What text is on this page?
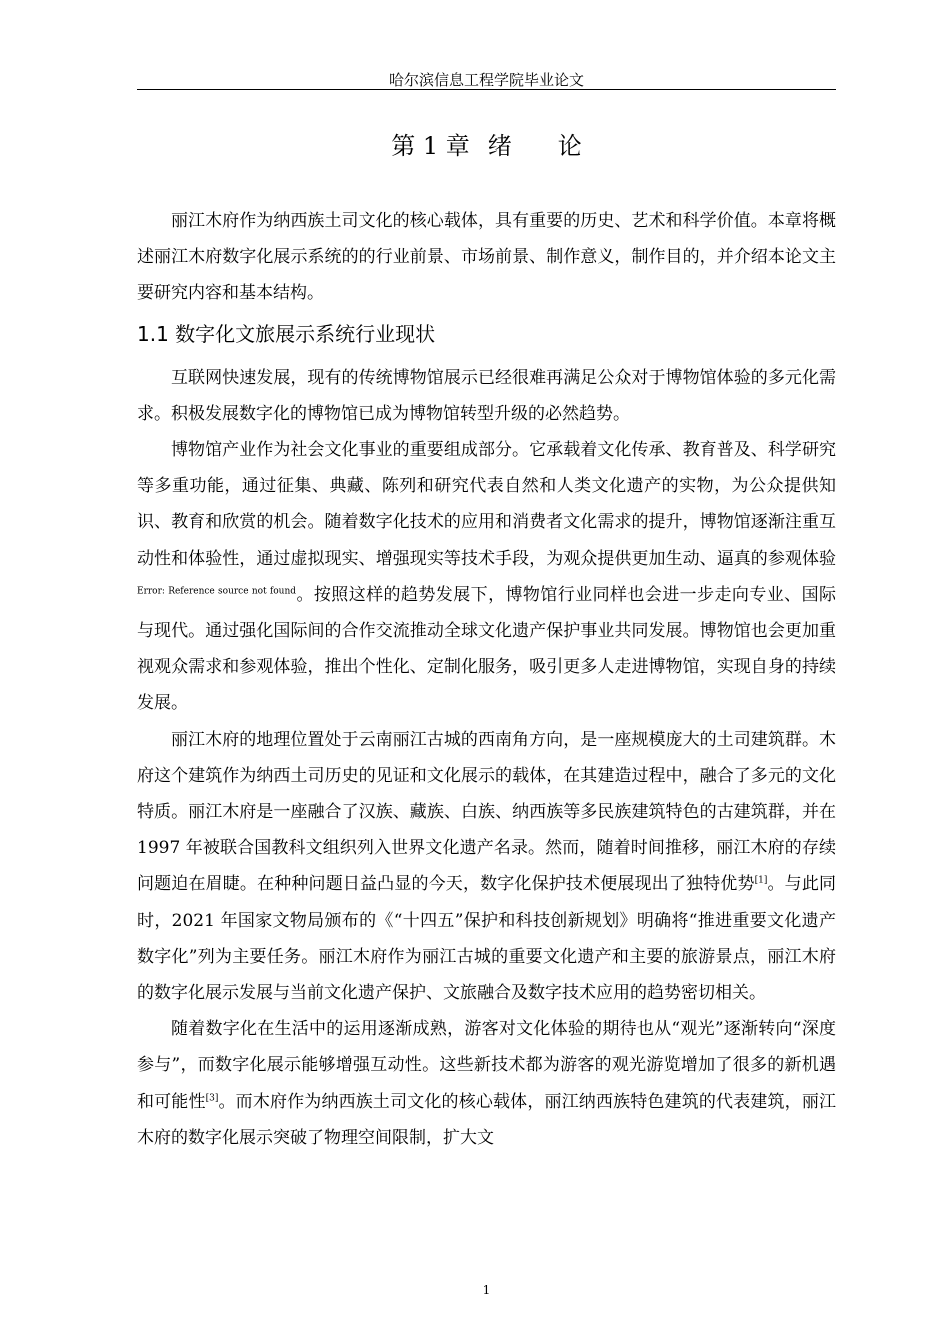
哈尔滨信息工程学院毕业论文
第 1 章 绪 论

丽江木府作为纳西族土司文化的核心载体，具有重要的历史、艺术和科学价值。本章将概述丽江木府数字化展示系统的的行业前景、市场前景、制作意义，制作目的，并介绍本论文主要研究内容和基本结构。

1.1 数字化文旅展示系统行业现状

互联网快速发展，现有的传统博物馆展示已经很难再满足公众对于博物馆体验的多元化需求。积极发展数字化的博物馆已成为博物馆转型升级的必然趋势。

博物馆产业作为社会文化事业的重要组成部分。它承载着文化传承、教育普及、科学研究等多重功能，通过征集、典藏、陈列和研究代表自然和人类文化遗产的实物，为公众提供知识、教育和欣赏的机会。随着数字化技术的应用和消费者文化需求的提升，博物馆逐渐注重互动性和体验性，通过虚拟现实、增强现实等技术手段，为观众提供更加生动、逼真的参观体验$^{Error: Reference source not found}$。按照这样的趋势发展下，博物馆行业同样也会进一步走向专业、国际与现代。通过强化国际间的合作交流推动全球文化遗产保护事业共同发展。博物馆也会更加重视观众需求和参观体验，推出个性化、定制化服务，吸引更多人走进博物馆，实现自身的持续发展。

丽江木府的地理位置处于云南丽江古城的西南角方向，是一座规模庞大的土司建筑群。木府这个建筑作为纳西土司历史的见证和文化展示的载体，在其建造过程中，融合了多元的文化特质。丽江木府是一座融合了汉族、藏族、白族、纳西族等多民族建筑特色的古建筑群，并在 1997 年被联合国教科文组织列入世界文化遗产名录。然而，随着时间推移，丽江木府的存续问题迫在眉睫。在种种问题日益凸显的今天，数字化保护技术便展现出了独特优势[1]。与此同时，2021 年国家文物局颁布的《“十四五”保护和科技创新规划》明确将“推进重要文化遗产数字化”列为主要任务。丽江木府作为丽江古城的重要文化遗产和主要的旅游景点，丽江木府的数字化展示发展与当前文化遗产保护、文旅融合及数字技术应用的趋势密切相关。

随着数字化在生活中的运用逐渐成熟，游客对文化体验的期待也从“观光”逐渐转向“深度参与”，而数字化展示能够增强互动性。这些新技术都为游客的观光游览增加了很多的新机遇和可能性[3]。而木府作为纳西族土司文化的核心载体，丽江纳西族特色建筑的代表建筑，丽江木府的数字化展示突破了物理空间限制，扩大文

1
